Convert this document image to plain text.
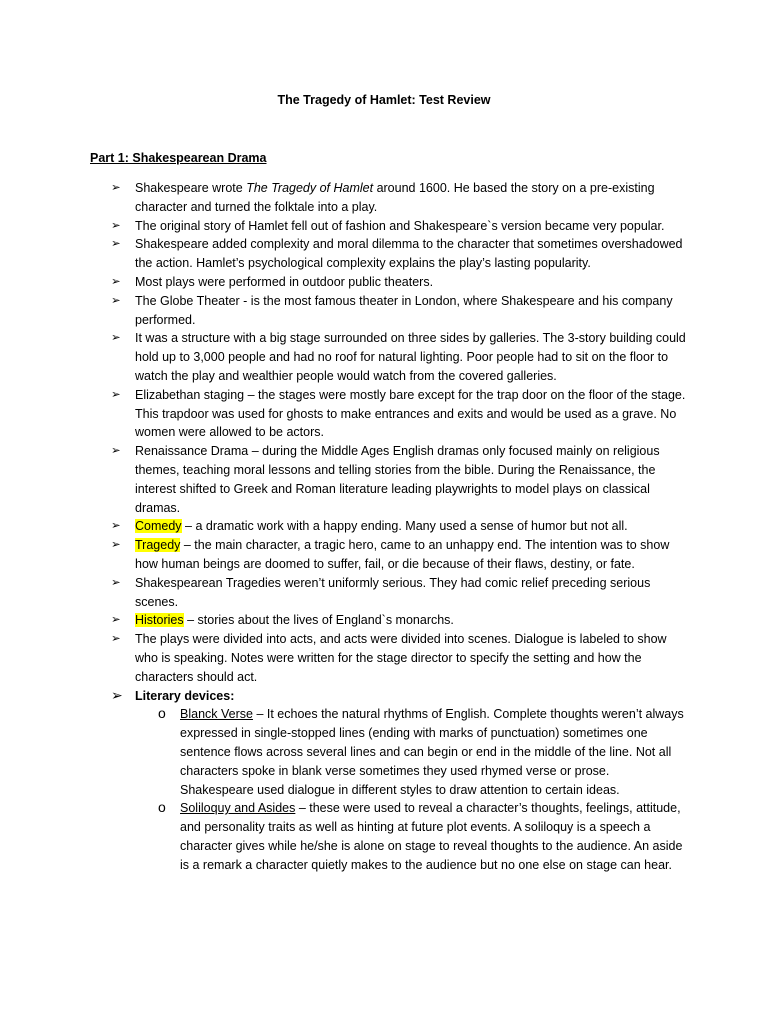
The Tragedy of Hamlet: Test Review
Part 1: Shakespearean Drama
➢ Shakespeare wrote The Tragedy of Hamlet around 1600. He based the story on a pre-existing character and turned the folktale into a play.
➢ The original story of Hamlet fell out of fashion and Shakespeare`s version became very popular.
➢ Shakespeare added complexity and moral dilemma to the character that sometimes overshadowed the action. Hamlet’s psychological complexity explains the play’s lasting popularity.
➢ Most plays were performed in outdoor public theaters.
➢ The Globe Theater - is the most famous theater in London, where Shakespeare and his company performed.
➢ It was a structure with a big stage surrounded on three sides by galleries. The 3-story building could hold up to 3,000 people and had no roof for natural lighting. Poor people had to sit on the floor to watch the play and wealthier people would watch from the covered galleries.
➢ Elizabethan staging – the stages were mostly bare except for the trap door on the floor of the stage. This trapdoor was used for ghosts to make entrances and exits and would be used as a grave. No women were allowed to be actors.
➢ Renaissance Drama – during the Middle Ages English dramas only focused mainly on religious themes, teaching moral lessons and telling stories from the bible. During the Renaissance, the interest shifted to Greek and Roman literature leading playwrights to model plays on classical dramas.
➢ Comedy – a dramatic work with a happy ending. Many used a sense of humor but not all.
➢ Tragedy – the main character, a tragic hero, came to an unhappy end. The intention was to show how human beings are doomed to suffer, fail, or die because of their flaws, destiny, or fate.
➢ Shakespearean Tragedies weren’t uniformly serious. They had comic relief preceding serious scenes.
➢ Histories – stories about the lives of England`s monarchs.
➢ The plays were divided into acts, and acts were divided into scenes. Dialogue is labeled to show who is speaking. Notes were written for the stage director to specify the setting and how the characters should act.
➢ Literary devices:
o Blanck Verse – It echoes the natural rhythms of English. Complete thoughts weren’t always expressed in single-stopped lines (ending with marks of punctuation) sometimes one sentence flows across several lines and can begin or end in the middle of the line. Not all characters spoke in blank verse sometimes they used rhymed verse or prose. Shakespeare used dialogue in different styles to draw attention to certain ideas.
o Soliloquy and Asides – these were used to reveal a character’s thoughts, feelings, attitude, and personality traits as well as hinting at future plot events. A soliloquy is a speech a character gives while he/she is alone on stage to reveal thoughts to the audience. An aside is a remark a character quietly makes to the audience but no one else on stage can hear.
